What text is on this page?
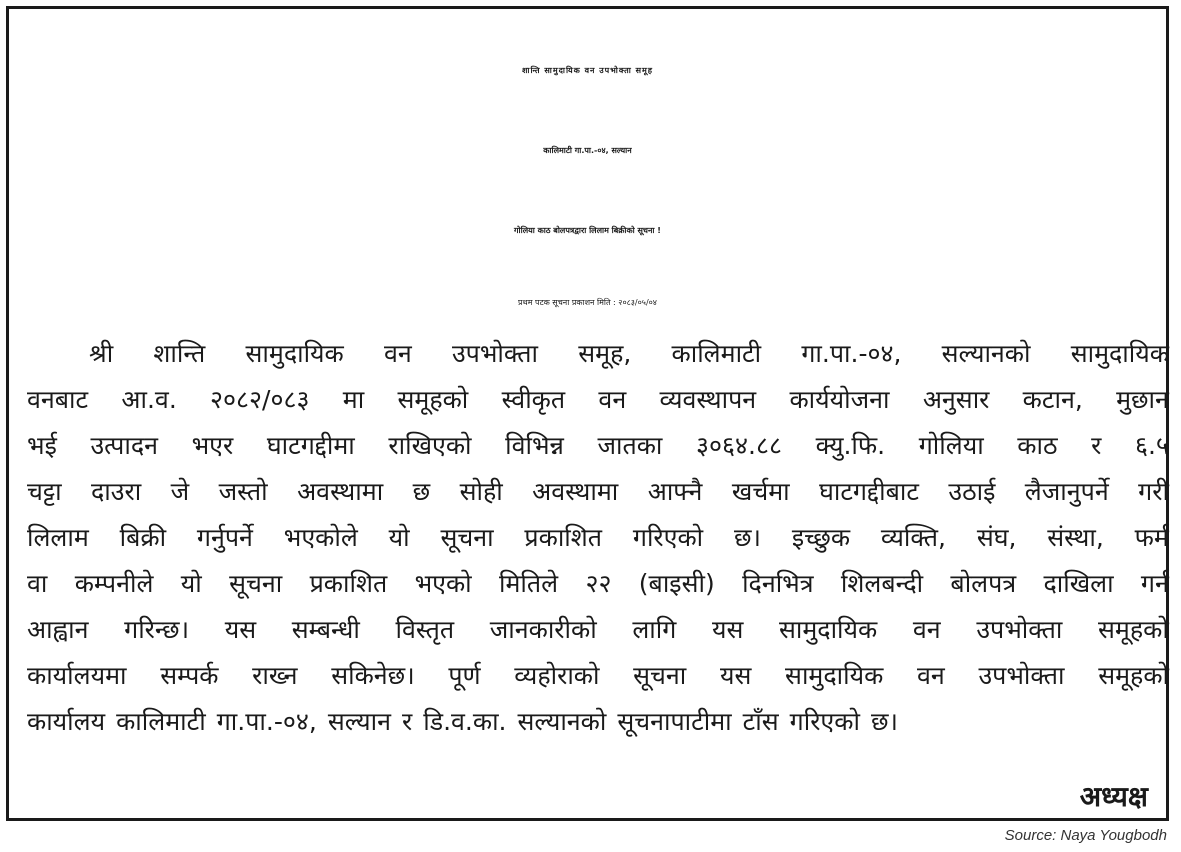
शान्ति सामुदायिक वन उपभोक्ता समूह
कालिमाटी गा.पा.-०४, सल्यान
गोलिया काठ बोलपत्रद्वारा लिलाम बिक्रीको सूचना !
प्रथम पटक सूचना प्रकाशन मिति : २०८३/०५/०४
श्री शान्ति सामुदायिक वन उपभोक्ता समूह, कालिमाटी गा.पा.-०४, सल्यानको सामुदायिक
वनबाट आ.व. २०८२/०८३ मा समूहको स्वीकृत वन व्यवस्थापन कार्ययोजना अनुसार कटान, मुछान
भई उत्पादन भएर घाटगद्दीमा राखिएको विभिन्न जातका ३०६४.८८ क्यु.फि. गोलिया काठ र ६.५
चट्टा दाउरा जे जस्तो अवस्थामा छ सोही अवस्थामा आफ्नै खर्चमा घाटगद्दीबाट उठाई लैजानुपर्ने गरी
लिलाम बिक्री गर्नुपर्ने भएकोले यो सूचना प्रकाशित गरिएको छ। इच्छुक व्यक्ति, संघ, संस्था, फर्म
वा कम्पनीले यो सूचना प्रकाशित भएको मितिले २२ (बाइसी) दिनभित्र शिलबन्दी बोलपत्र दाखिला गर्न
आह्वान गरिन्छ। यस सम्बन्धी विस्तृत जानकारीको लागि यस सामुदायिक वन उपभोक्ता समूहको
कार्यालयमा सम्पर्क राख्न सकिनेछ। पूर्ण व्यहोराको सूचना यस सामुदायिक वन उपभोक्ता समूहको
कार्यालय कालिमाटी गा.पा.-०४, सल्यान र डि.व.का. सल्यानको सूचनापाटीमा टाँस गरिएको छ।
अध्यक्ष
Source: Naya Yougbodh
